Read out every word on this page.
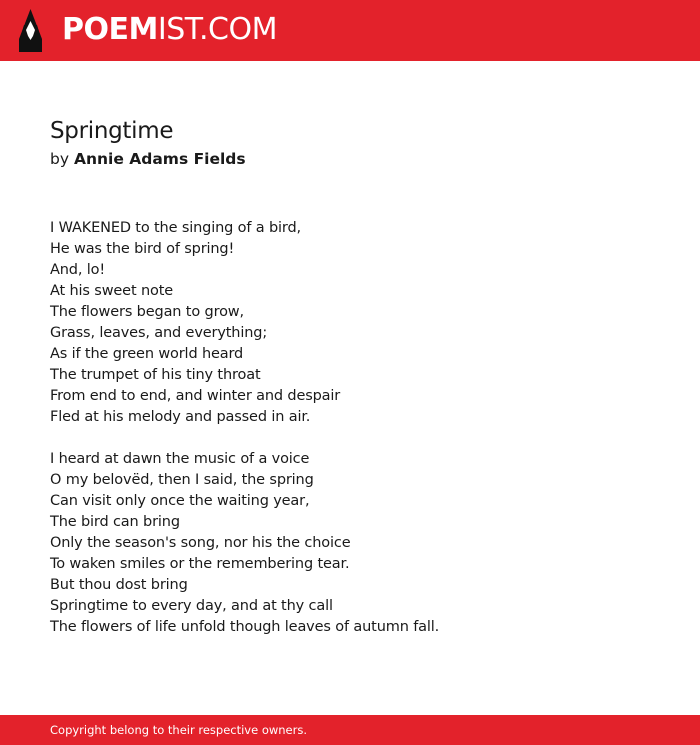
POEMIST.COM
Springtime
by Annie Adams Fields
I WAKENED to the singing of a bird,
He was the bird of spring!
And, lo!
At his sweet note
The flowers began to grow,
Grass, leaves, and everything;
As if the green world heard
The trumpet of his tiny throat
From end to end, and winter and despair
Fled at his melody and passed in air.
I heard at dawn the music of a voice
O my belovëd, then I said, the spring
Can visit only once the waiting year,
The bird can bring
Only the season's song, nor his the choice
To waken smiles or the remembering tear.
But thou dost bring
Springtime to every day, and at thy call
The flowers of life unfold though leaves of autumn fall.
Copyright belong to their respective owners.
